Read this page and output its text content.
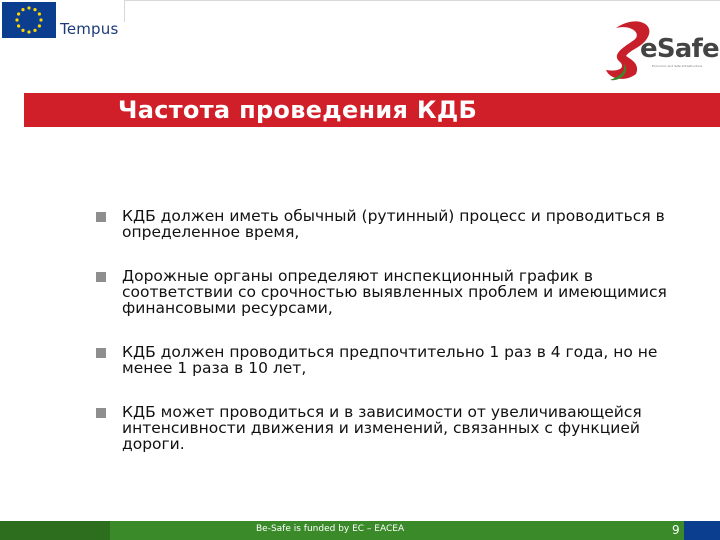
Tempus
eSafe
Economic and Safe Infrastructure
Частота проведения КДБ
КДБ должен иметь обычный (рутинный) процесс и проводиться в определенное время,
Дорожные органы определяют инспекционный график в соответствии со срочностью выявленных проблем и имеющимися финансовыми ресурсами,
КДБ должен проводиться предпочтительно 1 раз в 4 года, но не менее 1 раза в 10 лет,
КДБ может проводиться и в зависимости от увеличивающейся интенсивности движения и изменений, связанных с функцией дороги.
Be-Safe is funded by EC – EACEA	9
